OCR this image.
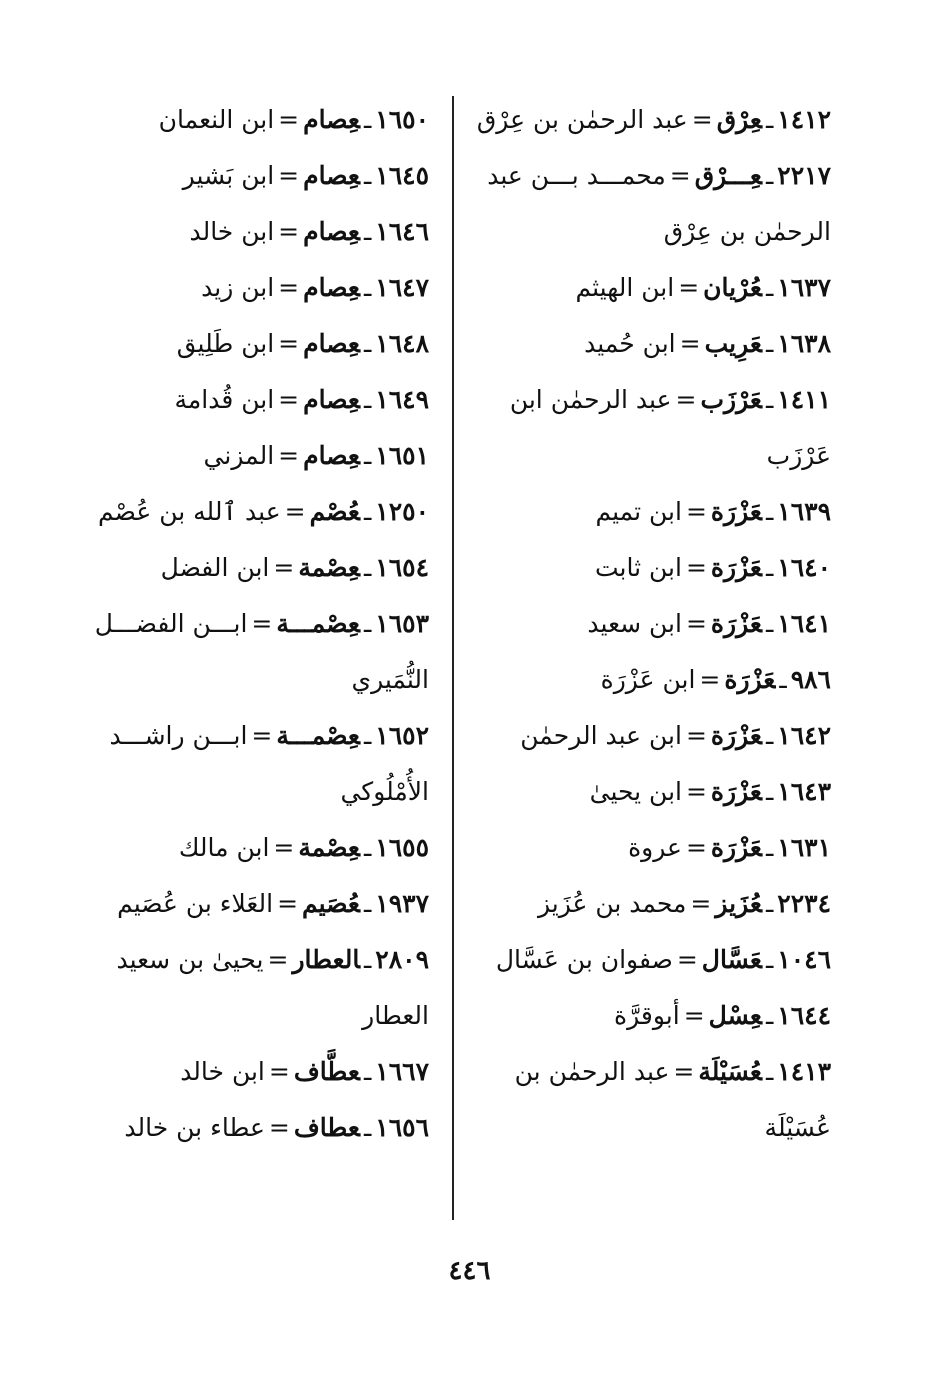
١٤١٢ـعِرْق=عبد الرحمٰن بن عِرْق
٢٢١٧ـعِـــرْق=محمـــد بـــن عبد الرحمٰن بن عِرْق
١٦٣٧ـعُرْيان=ابن الهيثم
١٦٣٨ـعَرِيب=ابن حُميد
١٤١١ـعَرْزَب=عبد الرحمٰن ابن عَرْزَب
١٦٣٩ـعَزْرَة=ابن تميم
١٦٤٠ـعَزْرَة=ابن ثابت
١٦٤١ـعَزْرَة=ابن سعيد
٩٨٦ـعَزْرَة=ابن عَزْرَة
١٦٤٢ـعَزْرَة=ابن عبد الرحمٰن
١٦٤٣ـعَزْرَة=ابن يحيىٰ
١٦٣١ـعَزْرَة=عروة
٢٢٣٤ـعُزَيز=محمد بن عُزَيز
١٠٤٦ـعَسَّال=صفوان بن عَسَّال
١٦٤٤ـعِسْل=أبوقرَّة
١٤١٣ـعُسَيْلَة=عبد الرحمٰن بن عُسَيْلَة
١٦٥٠ـعِصام=ابن النعمان
١٦٤٥ـعِصام=ابن بَشير
١٦٤٦ـعِصام=ابن خالد
١٦٤٧ـعِصام=ابن زيد
١٦٤٨ـعِصام=ابن طَلِيق
١٦٤٩ـعِصام=ابن قُدامة
١٦٥١ـعِصام=المزني
١٢٥٠ـعُصْم=عبد ٱلله بن عُصْم
١٦٥٤ـعِصْمة=ابن الفضل
١٦٥٣ـعِصْمـــة=ابـــن الفضـــل النُّمَيري
١٦٥٢ـعِصْمـــة=ابـــن راشـــد الأُمْلُوكي
١٦٥٥ـعِصْمة=ابن مالك
١٩٣٧ـعُصَيم=العَلاء بن عُصَيم
٢٨٠٩ـالعطار=يحيىٰ بن سعيد العطار
١٦٦٧ـعطَّاف=ابن خالد
١٦٥٦ـعطاف=عطاء بن خالد
٤٤٦
